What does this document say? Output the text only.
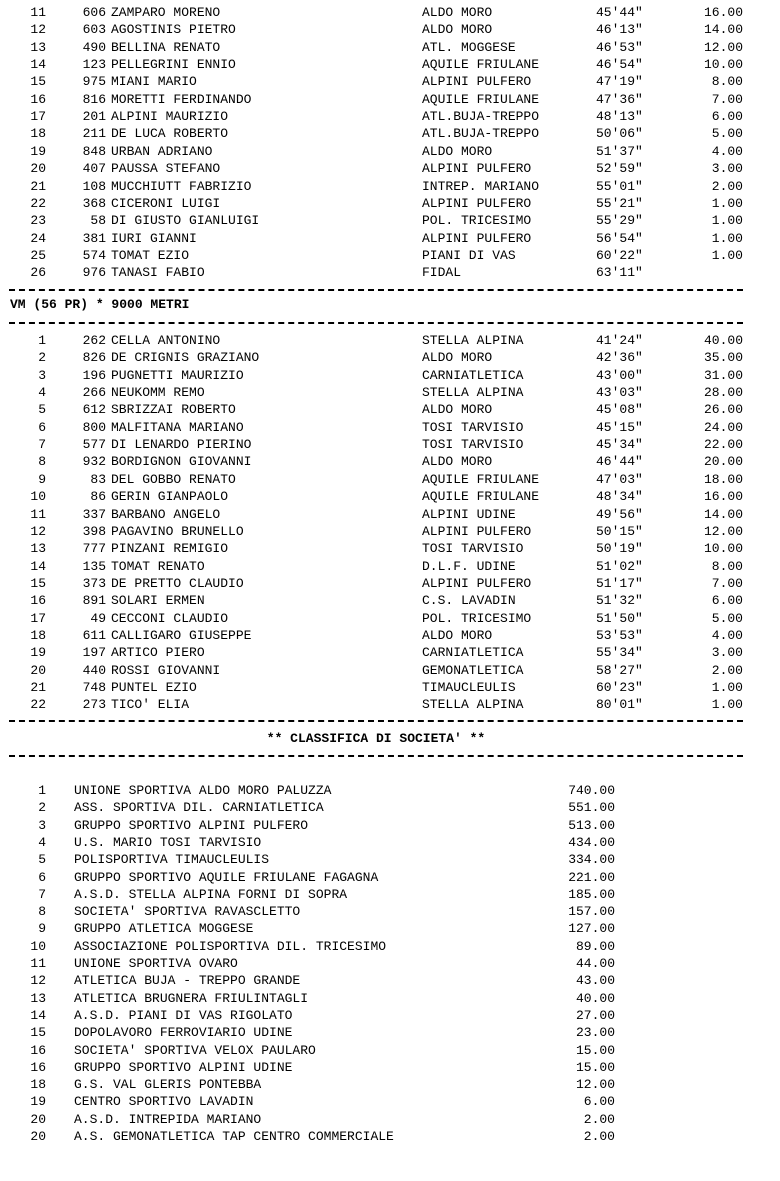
11	606 ZAMPARO MORENO	ALDO MORO	45'44"	16.00
12	603 AGOSTINIS PIETRO	ALDO MORO	46'13"	14.00
13	490 BELLINA RENATO	ATL. MOGGESE	46'53"	12.00
14	123 PELLEGRINI ENNIO	AQUILE FRIULANE	46'54"	10.00
15	975 MIANI MARIO	ALPINI PULFERO	47'19"	8.00
16	816 MORETTI FERDINANDO	AQUILE FRIULANE	47'36"	7.00
17	201 ALPINI MAURIZIO	ATL.BUJA-TREPPO	48'13"	6.00
18	211 DE LUCA ROBERTO	ATL.BUJA-TREPPO	50'06"	5.00
19	848 URBAN ADRIANO	ALDO MORO	51'37"	4.00
20	407 PAUSSA STEFANO	ALPINI PULFERO	52'59"	3.00
21	108 MUCCHIUTT FABRIZIO	INTREP. MARIANO	55'01"	2.00
22	368 CICERONI LUIGI	ALPINI PULFERO	55'21"	1.00
23	58 DI GIUSTO GIANLUIGI	POL. TRICESIMO	55'29"	1.00
24	381 IURI GIANNI	ALPINI PULFERO	56'54"	1.00
25	574 TOMAT EZIO	PIANI DI VAS	60'22"	1.00
26	976 TANASI FABIO	FIDAL	63'11"
VM (56 PR) * 9000 METRI
1	262 CELLA ANTONINO	STELLA ALPINA	41'24"	40.00
2	826 DE CRIGNIS GRAZIANO	ALDO MORO	42'36"	35.00
3	196 PUGNETTI MAURIZIO	CARNIATLETICA	43'00"	31.00
4	266 NEUKOMM REMO	STELLA ALPINA	43'03"	28.00
5	612 SBRIZZAI ROBERTO	ALDO MORO	45'08"	26.00
6	800 MALFITANA MARIANO	TOSI TARVISIO	45'15"	24.00
7	577 DI LENARDO PIERINO	TOSI TARVISIO	45'34"	22.00
8	932 BORDIGNON GIOVANNI	ALDO MORO	46'44"	20.00
9	83 DEL GOBBO RENATO	AQUILE FRIULANE	47'03"	18.00
10	86 GERIN GIANPAOLO	AQUILE FRIULANE	48'34"	16.00
11	337 BARBANO ANGELO	ALPINI UDINE	49'56"	14.00
12	398 PAGAVINO BRUNELLO	ALPINI PULFERO	50'15"	12.00
13	777 PINZANI REMIGIO	TOSI TARVISIO	50'19"	10.00
14	135 TOMAT RENATO	D.L.F. UDINE	51'02"	8.00
15	373 DE PRETTO CLAUDIO	ALPINI PULFERO	51'17"	7.00
16	891 SOLARI ERMEN	C.S. LAVADIN	51'32"	6.00
17	49 CECCONI CLAUDIO	POL. TRICESIMO	51'50"	5.00
18	611 CALLIGARO GIUSEPPE	ALDO MORO	53'53"	4.00
19	197 ARTICO PIERO	CARNIATLETICA	55'34"	3.00
20	440 ROSSI GIOVANNI	GEMONATLETICA	58'27"	2.00
21	748 PUNTEL EZIO	TIMAUCLEULIS	60'23"	1.00
22	273 TICO' ELIA	STELLA ALPINA	80'01"	1.00
** CLASSIFICA DI SOCIETA' **
1 UNIONE SPORTIVA ALDO MORO PALUZZA	740.00
2 ASS. SPORTIVA DIL. CARNIATLETICA	551.00
3 GRUPPO SPORTIVO ALPINI PULFERO	513.00
4 U.S. MARIO TOSI TARVISIO	434.00
5 POLISPORTIVA TIMAUCLEULIS	334.00
6 GRUPPO SPORTIVO AQUILE FRIULANE FAGAGNA	221.00
7 A.S.D. STELLA ALPINA FORNI DI SOPRA	185.00
8 SOCIETA' SPORTIVA RAVASCLETTO	157.00
9 GRUPPO ATLETICA MOGGESE	127.00
10 ASSOCIAZIONE POLISPORTIVA DIL. TRICESIMO	89.00
11 UNIONE SPORTIVA OVARO	44.00
12 ATLETICA BUJA - TREPPO GRANDE	43.00
13 ATLETICA BRUGNERA FRIULINTAGLI	40.00
14 A.S.D. PIANI DI VAS RIGOLATO	27.00
15 DOPOLAVORO FERROVIARIO UDINE	23.00
16 SOCIETA' SPORTIVA VELOX PAULARO	15.00
16 GRUPPO SPORTIVO ALPINI UDINE	15.00
18 G.S. VAL GLERIS PONTEBBA	12.00
19 CENTRO SPORTIVO LAVADIN	6.00
20 A.S.D. INTREPIDA MARIANO	2.00
20 A.S. GEMONATLETICA TAP CENTRO COMMERCIALE	2.00
